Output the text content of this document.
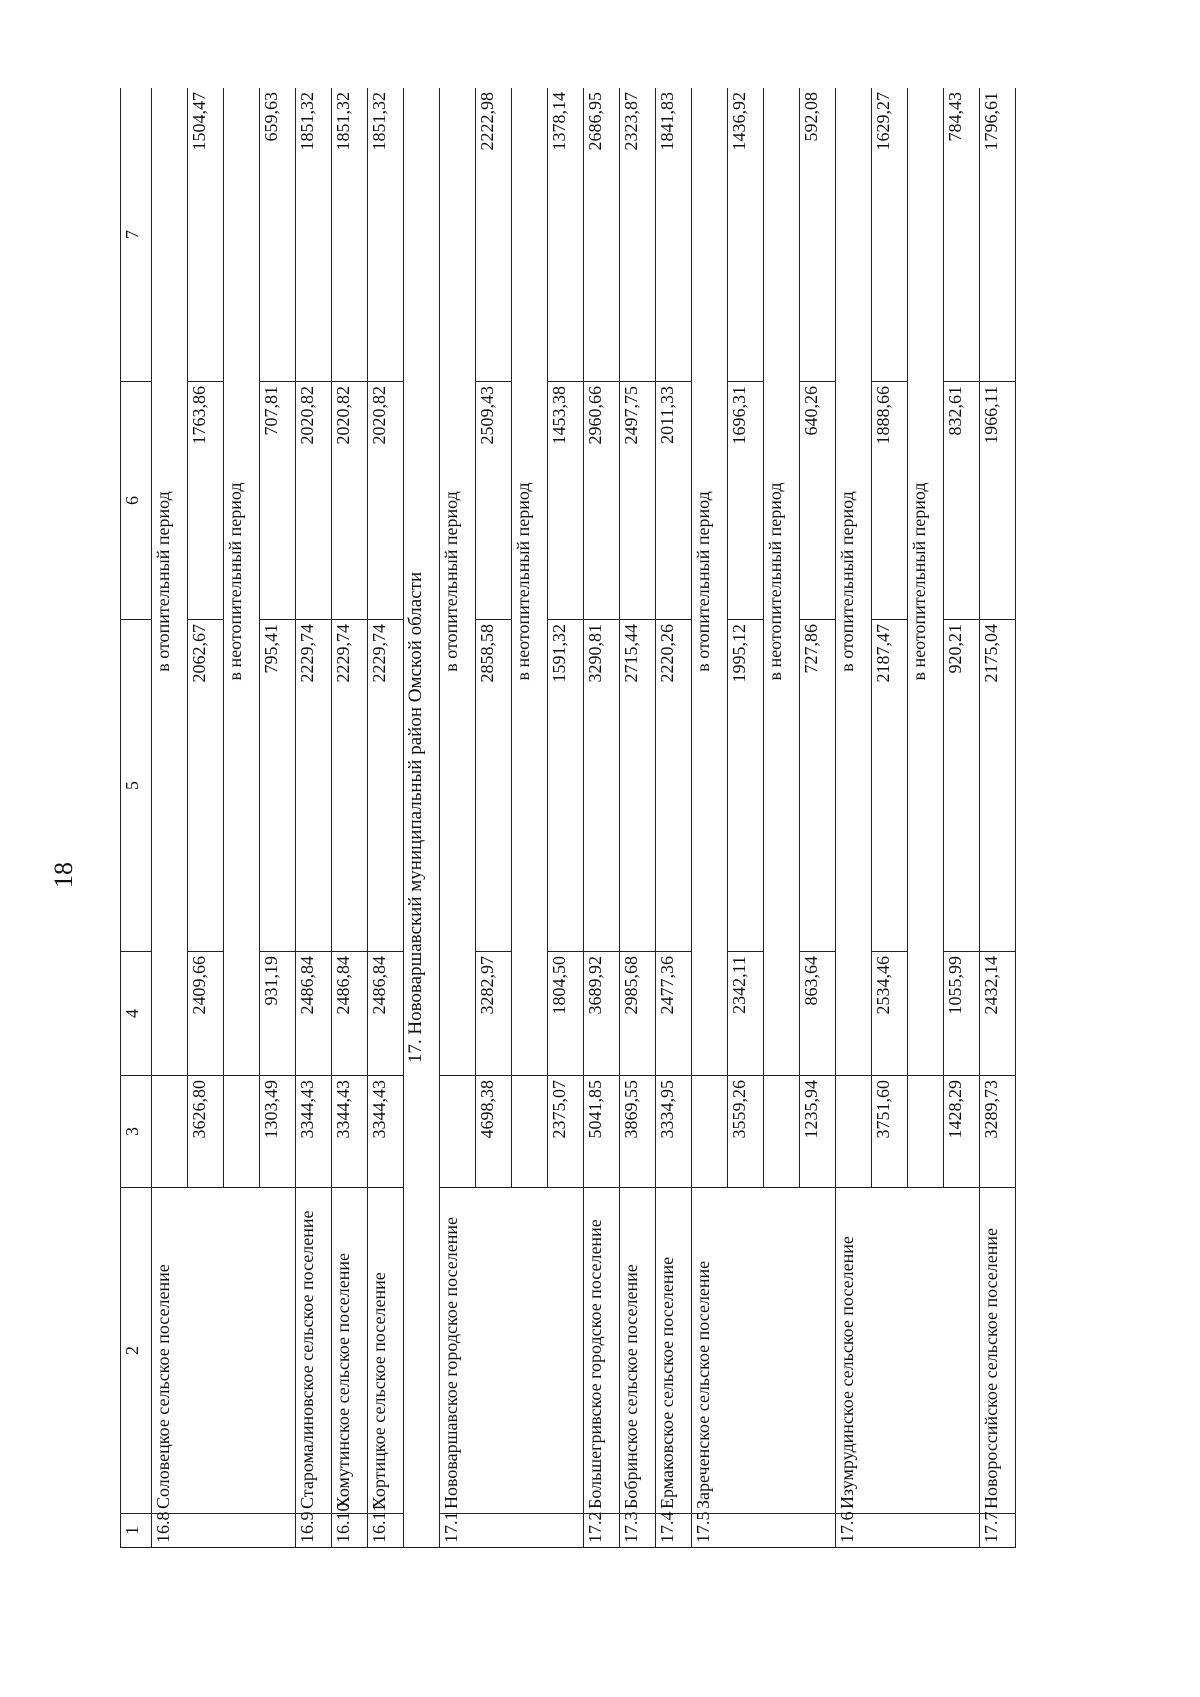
18
1	2	3	4	5	6	7
16.8	Соловецкое сельское поселение		в отопительный период			
		3626,80	2409,66	2062,67	1763,86	1504,47
			в неотопительный период			
		1303,49	931,19	795,41	707,81	659,63
16.9	Старомалиновское сельское поселение	3344,43	2486,84	2229,74	2020,82	1851,32
16.10	Хомутинское сельское поселение	3344,43	2486,84	2229,74	2020,82	1851,32
16.11	Хортицкое сельское поселение	3344,43	2486,84	2229,74	2020,82	1851,32
17. Нововаршавский муниципальный район Омской области						
17.1	Нововаршавское городское поселение		в отопительный период			
		4698,38	3282,97	2858,58	2509,43	2222,98
			в неотопительный период			
		2375,07	1804,50	1591,32	1453,38	1378,14
17.2	Большегривское городское поселение	5041,85	3689,92	3290,81	2960,66	2686,95
17.3	Бобринское сельское поселение	3869,55	2985,68	2715,44	2497,75	2323,87
17.4	Ермаковское сельское поселение	3334,95	2477,36	2220,26	2011,33	1841,83
17.5	Зареченское сельское поселение		в отопительный период			
		3559,26	2342,11	1995,12	1696,31	1436,92
			в неотопительный период			
		1235,94	863,64	727,86	640,26	592,08
17.6	Изумрудинское сельское поселение		в отопительный период			
		3751,60	2534,46	2187,47	1888,66	1629,27
			в неотопительный период			
		1428,29	1055,99	920,21	832,61	784,43
17.7	Новороссийское сельское поселение	3289,73	2432,14	2175,04	1966,11	1796,61
